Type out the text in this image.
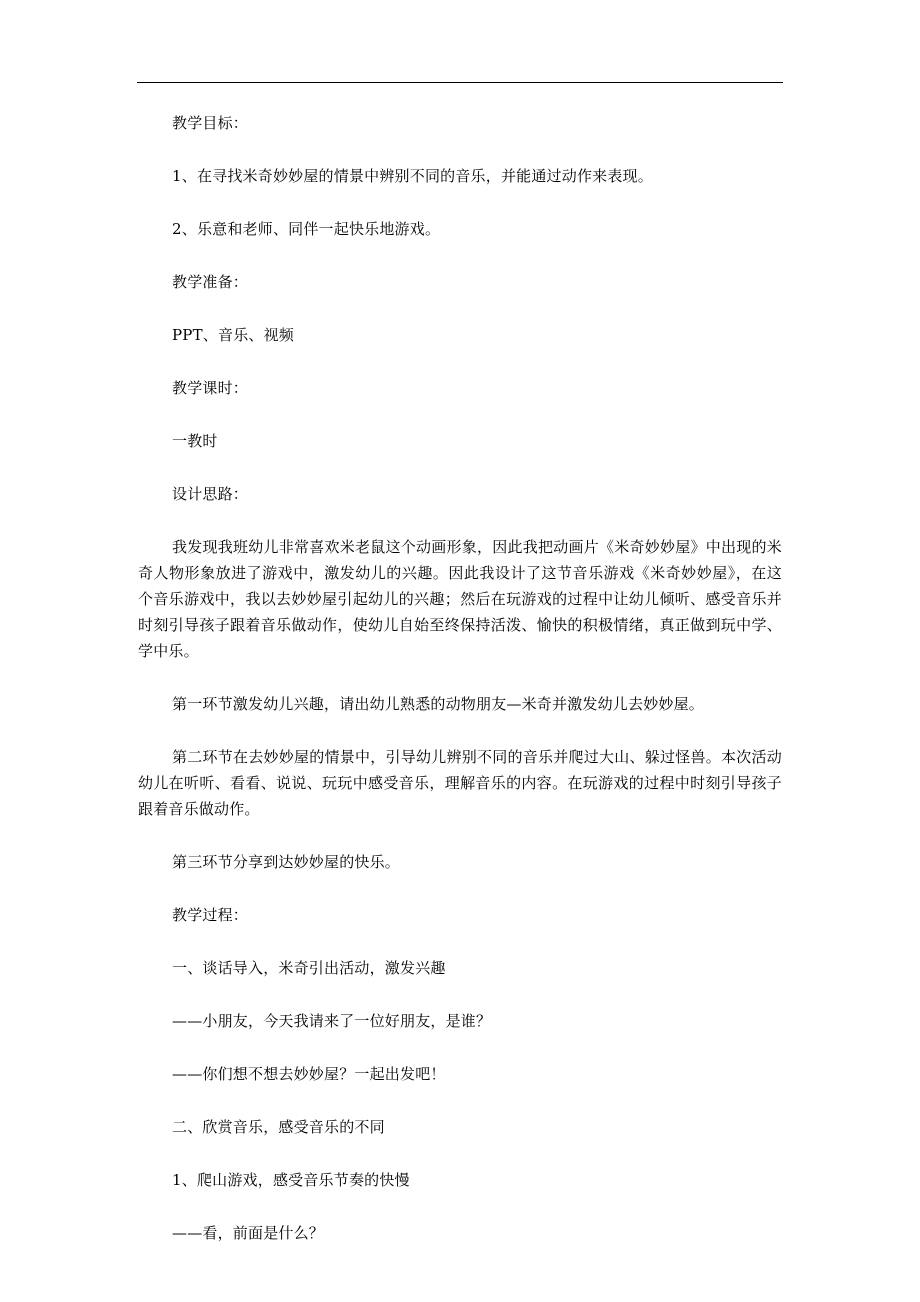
教学目标：

1、在寻找米奇妙妙屋的情景中辨别不同的音乐，并能通过动作来表现。

2、乐意和老师、同伴一起快乐地游戏。

教学准备：

PPT、音乐、视频

教学课时：

一教时

设计思路：

我发现我班幼儿非常喜欢米老鼠这个动画形象，因此我把动画片《米奇妙妙屋》中出现的米奇人物形象放进了游戏中，激发幼儿的兴趣。因此我设计了这节音乐游戏《米奇妙妙屋》，在这个音乐游戏中，我以去妙妙屋引起幼儿的兴趣；然后在玩游戏的过程中让幼儿倾听、感受音乐并时刻引导孩子跟着音乐做动作，使幼儿自始至终保持活泼、愉快的积极情绪，真正做到玩中学、学中乐。

第一环节激发幼儿兴趣，请出幼儿熟悉的动物朋友—米奇并激发幼儿去妙妙屋。

第二环节在去妙妙屋的情景中，引导幼儿辨别不同的音乐并爬过大山、躲过怪兽。本次活动幼儿在听听、看看、说说、玩玩中感受音乐，理解音乐的内容。在玩游戏的过程中时刻引导孩子跟着音乐做动作。

第三环节分享到达妙妙屋的快乐。

教学过程：

一、谈话导入，米奇引出活动，激发兴趣

——小朋友，今天我请来了一位好朋友，是谁？

——你们想不想去妙妙屋？一起出发吧！

二、欣赏音乐，感受音乐的不同

1、爬山游戏，感受音乐节奏的快慢

——看，前面是什么？
